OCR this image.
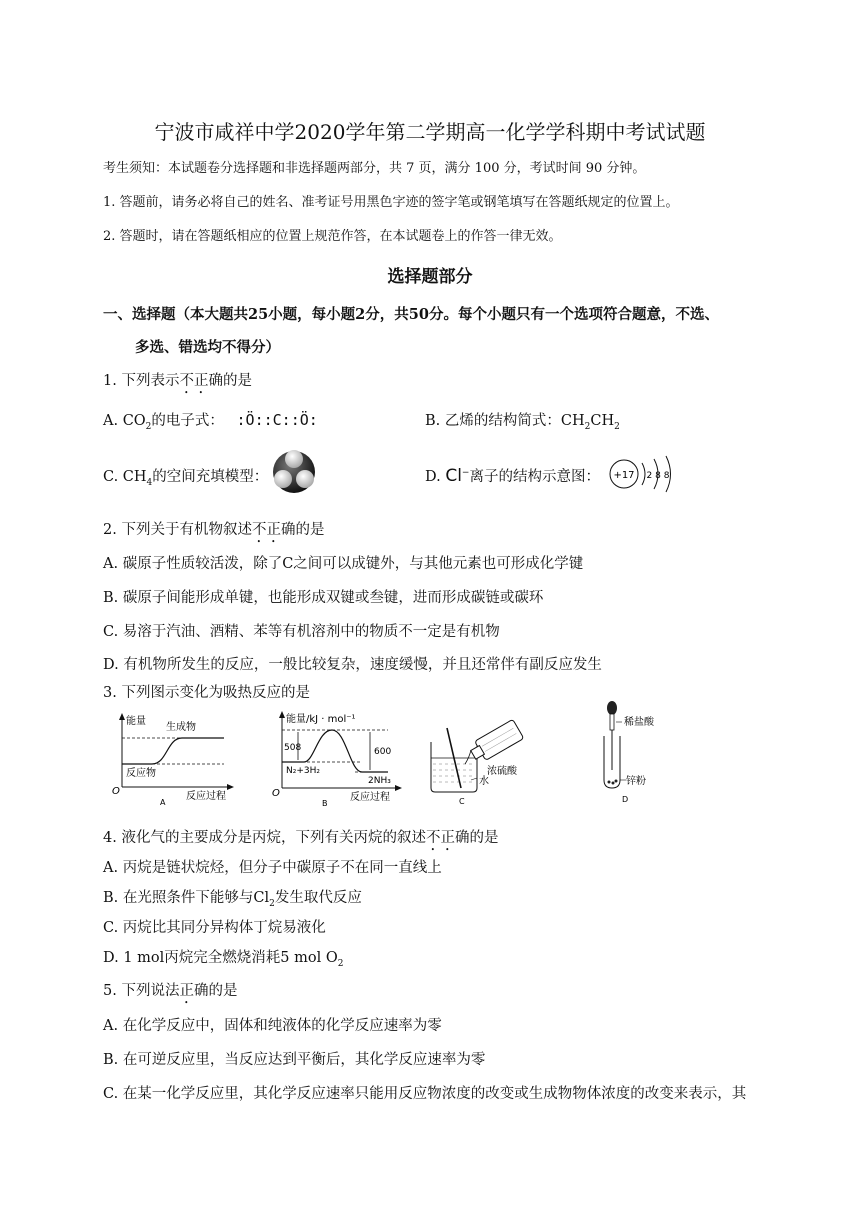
宁波市咸祥中学2020学年第二学期高一化学学科期中考试试题
考生须知：本试题卷分选择题和非选择题两部分，共 7 页，满分 100 分，考试时间 90 分钟。
1. 答题前，请务必将自己的姓名、准考证号用黑色字迹的签字笔或钢笔填写在答题纸规定的位置上。
2. 答题时，请在答题纸相应的位置上规范作答，在本试题卷上的作答一律无效。
选择题部分
一、选择题（本大题共25小题，每小题2分，共50分。每个小题只有一个选项符合题意，不选、
多选、错选均不得分）
1. 下列表示不正确的是
A. $CO_2$的电子式： :Ö::C::Ö:	B. 乙烯的结构简式：$CH_2CH_2$
C. $CH_4$的空间充填模型：	D. Cl−离子的结构示意图： +17 2 8 8
2. 下列关于有机物叙述不正确的是
A. 碳原子性质较活泼，除了C之间可以成键外，与其他元素也可形成化学键
B. 碳原子间能形成单键，也能形成双键或叁键，进而形成碳链或碳环
C. 易溶于汽油、酒精、苯等有机溶剂中的物质不一定是有机物
D. 有机物所发生的反应，一般比较复杂，速度缓慢，并且还常伴有副反应发生
3. 下列图示变化为吸热反应的是
能量
生成物
反应物
O	反应过程
A
能量/kJ · mol⁻¹
508	600
N₂+3H₂
2NH₃
O	反应过程
B
浓硫酸
水
C
稀盐酸
锌粉
D
4. 液化气的主要成分是丙烷，下列有关丙烷的叙述不正确的是
A. 丙烷是链状烷烃，但分子中碳原子不在同一直线上
B. 在光照条件下能够与$Cl_2$发生取代反应
C. 丙烷比其同分异构体丁烷易液化
D. 1 mol丙烷完全燃烧消耗5 mol $O_2$
5. 下列说法正确的是
A. 在化学反应中，固体和纯液体的化学反应速率为零
B. 在可逆反应里，当反应达到平衡后，其化学反应速率为零
C. 在某一化学反应里，其化学反应速率只能用反应物浓度的改变或生成物物体浓度的改变来表示，其
